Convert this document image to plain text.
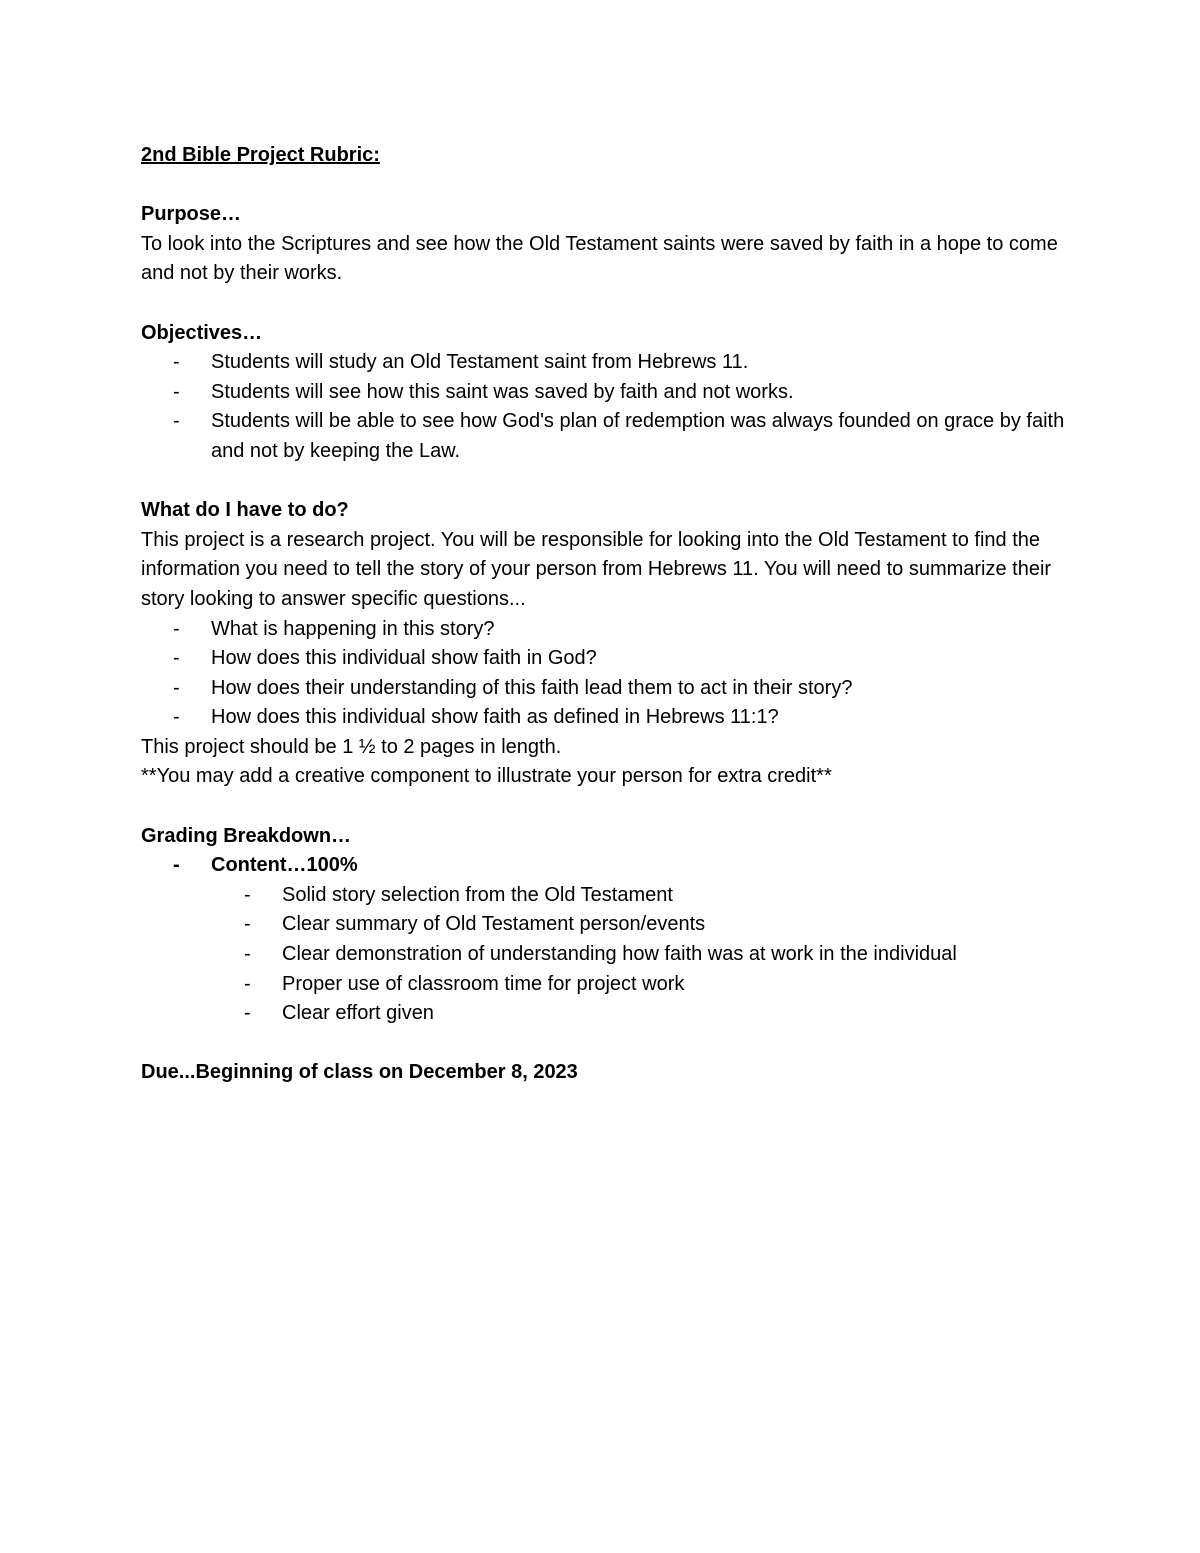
2nd Bible Project Rubric:

Purpose…

To look into the Scriptures and see how the Old Testament saints were saved by faith in a hope to come and not by their works.

Objectives…

- Students will study an Old Testament saint from Hebrews 11.
- Students will see how this saint was saved by faith and not works.
- Students will be able to see how God's plan of redemption was always founded on grace by faith and not by keeping the Law.

What do I have to do?

This project is a research project. You will be responsible for looking into the Old Testament to find the information you need to tell the story of your person from Hebrews 11. You will need to summarize their story looking to answer specific questions...

- What is happening in this story?
- How does this individual show faith in God?
- How does their understanding of this faith lead them to act in their story?
- How does this individual show faith as defined in Hebrews 11:1?

This project should be 1 ½ to 2 pages in length.

**You may add a creative component to illustrate your person for extra credit**

Grading Breakdown…

- Content…100%
- Solid story selection from the Old Testament
- Clear summary of Old Testament person/events
- Clear demonstration of understanding how faith was at work in the individual
- Proper use of classroom time for project work
- Clear effort given

Due...Beginning of class on December 8, 2023
